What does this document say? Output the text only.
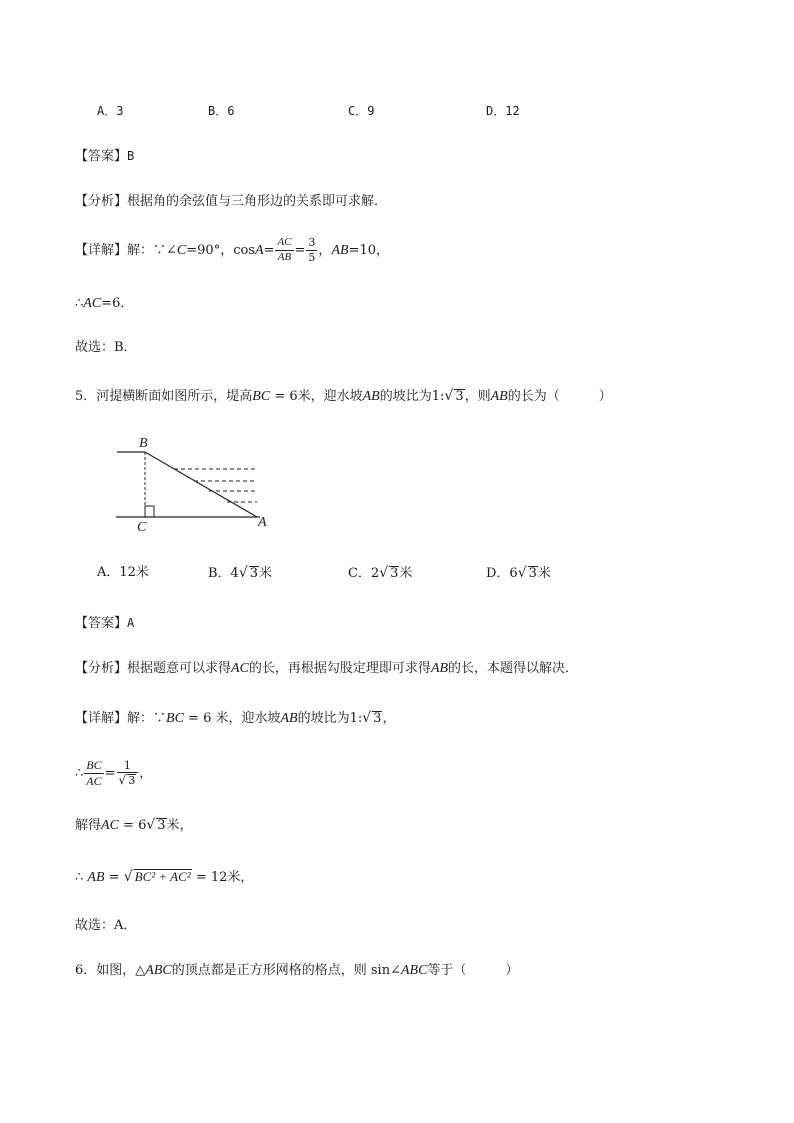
A．3	B．6	C．9	D．12
【答案】B
【分析】根据角的余弦值与三角形边的关系即可求解．
【详解】解：∵∠C=90°，$\cos A= \frac{AC}{AB} = \frac{3}{5}$ ，AB=10，
∴AC=6．
故选：B．
5．河提横断面如图所示，堤高BC = 6米，迎水坡AB的坡比为1:√ 3，则AB的长为（　　　）
B
C	A
A．12米	B．4√ 3米	C．2√ 3米	D．6√ 3米
【答案】A
【分析】根据题意可以求得AC的长，再根据勾股定理即可求得AB的长，本题得以解决．
【详解】解：∵BC = 6 米，迎水坡AB的坡比为1:√ 3，
∴ $\frac{BC}{AC} = \frac{1}{√ 3}$ ，
解得AC = 6√ 3米，
∴ AB = √ BC² + AC² = 12米，
故选：A．
6．如图，△ABC的顶点都是正方形网格的格点，则 sin∠ABC等于（　　　）
